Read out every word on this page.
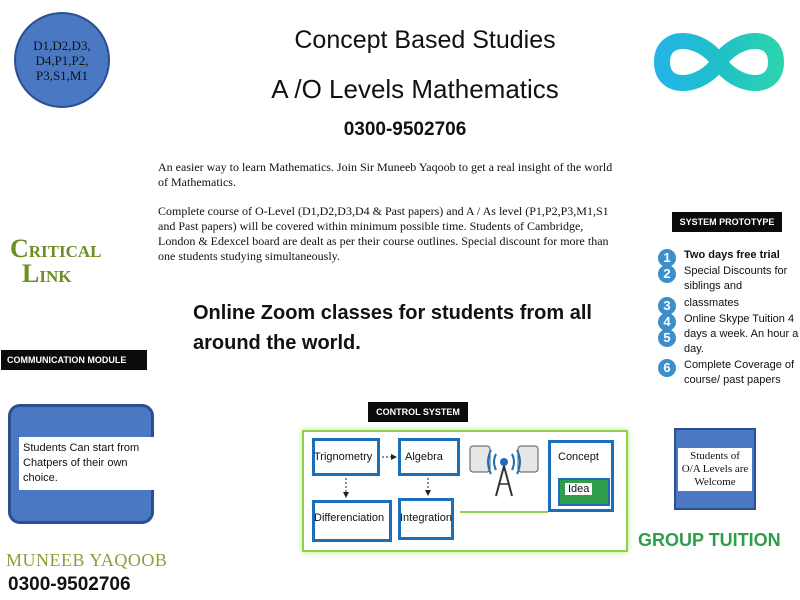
D1,D2,D3,
D4,P1,P2,
P3,S1,M1
Concept Based Studies
A /O Levels Mathematics
0300-9502706
An easier way to learn Mathematics. Join Sir Muneeb Yaqoob to get a real insight of the world of Mathematics.
Complete course of O-Level (D1,D2,D3,D4 & Past papers) and A / As level (P1,P2,P3,M1,S1 and Past papers) will be covered within minimum possible time. Students of Cambridge, London & Edexcel board are dealt as per their course outlines. Special discount for more than one students studying simultaneously.
Online Zoom classes for students from all
around the world.
CRITICAL
LINK
COMMUNICATION MODULE
Students Can start from Chatpers of their own choice.
MUNEEB YAQOOB
0300-9502706
SYSTEM PROTOTYPE
1	Two days free trial
2	Special Discounts for siblings and
3	classmates
4
5
Online Skype Tuition 4 days a week. An hour a day.
6	Complete Coverage of course/ past papers
Students of O/A Levels are Welcome
GROUP TUITION
CONTROL SYSTEM
Trignometry	Algebra
Differenciation Integration
Concept
Idea
